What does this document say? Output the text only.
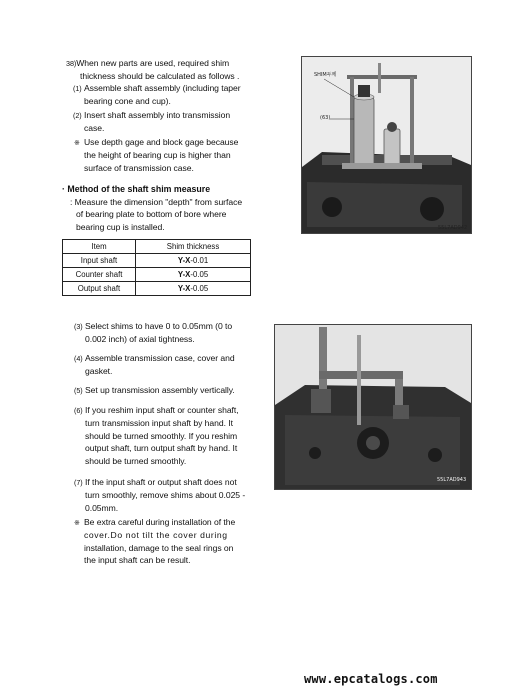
38)When new parts are used, required shim
thickness should be calculated as follows .
(1) Assemble shaft assembly (including taper
bearing cone and cup).
(2) Insert shaft assembly into transmission
case.
※ Use depth gage and block gage because
the height of bearing cup is higher than
surface of transmission case.
· Method of the shaft shim measure
: Measure the dimension "depth" from surface
of bearing plate to bottom of bore where
bearing cup is installed.
Item	Shim thickness
Input shaft	Y-X-0.01
Counter shaft	Y-X-0.05
Output shaft	Y-X-0.05
(3) Select shims to have 0 to 0.05mm (0 to
0.002 inch) of axial tightness.
(4) Assemble transmission case, cover and
gasket.
(5) Set up transmission assembly vertically.
(6) If you reshim input shaft or counter shaft,
turn transmission input shaft by hand. It
should be turned smoothly. If you reshim
output shaft, turn output shaft by hand. It
should be turned smoothly.
(7) If the input shaft or output shaft does not
turn smoothly, remove shims about 0.025 -
0.05mm.
※ Be extra careful during installation of the
cover.Do not tilt the cover during
installation, damage to the seal rings on
the input shaft can be result.
SHIM두께
(63)
55L7AD942
55L7AD943
www.epcatalogs.com
